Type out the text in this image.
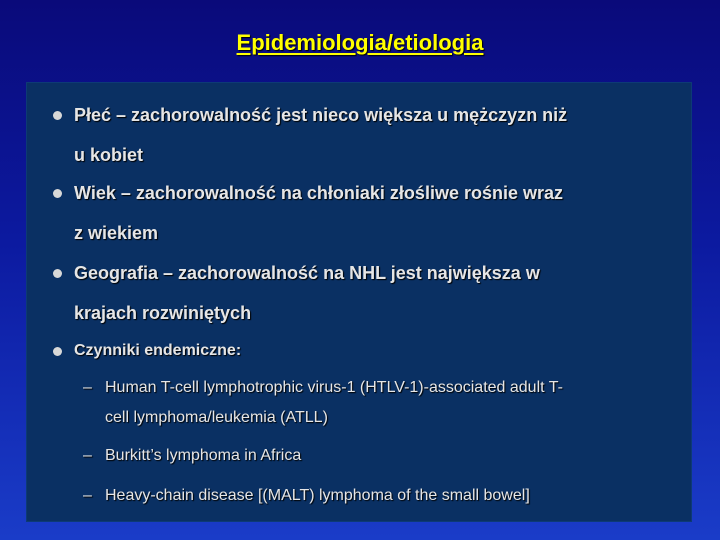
Epidemiologia/etiologia
Płeć – zachorowalność jest nieco większa u mężczyzn niż
u kobiet
Wiek – zachorowalność na chłoniaki złośliwe rośnie wraz
z wiekiem
Geografia – zachorowalność na NHL jest największa w
krajach rozwiniętych
Czynniki endemiczne:
– Human T-cell lymphotrophic virus-1 (HTLV-1)-associated adult T-
cell lymphoma/leukemia (ATLL)
– Burkitt’s lymphoma in Africa
– Heavy-chain disease [(MALT) lymphoma of the small bowel]
